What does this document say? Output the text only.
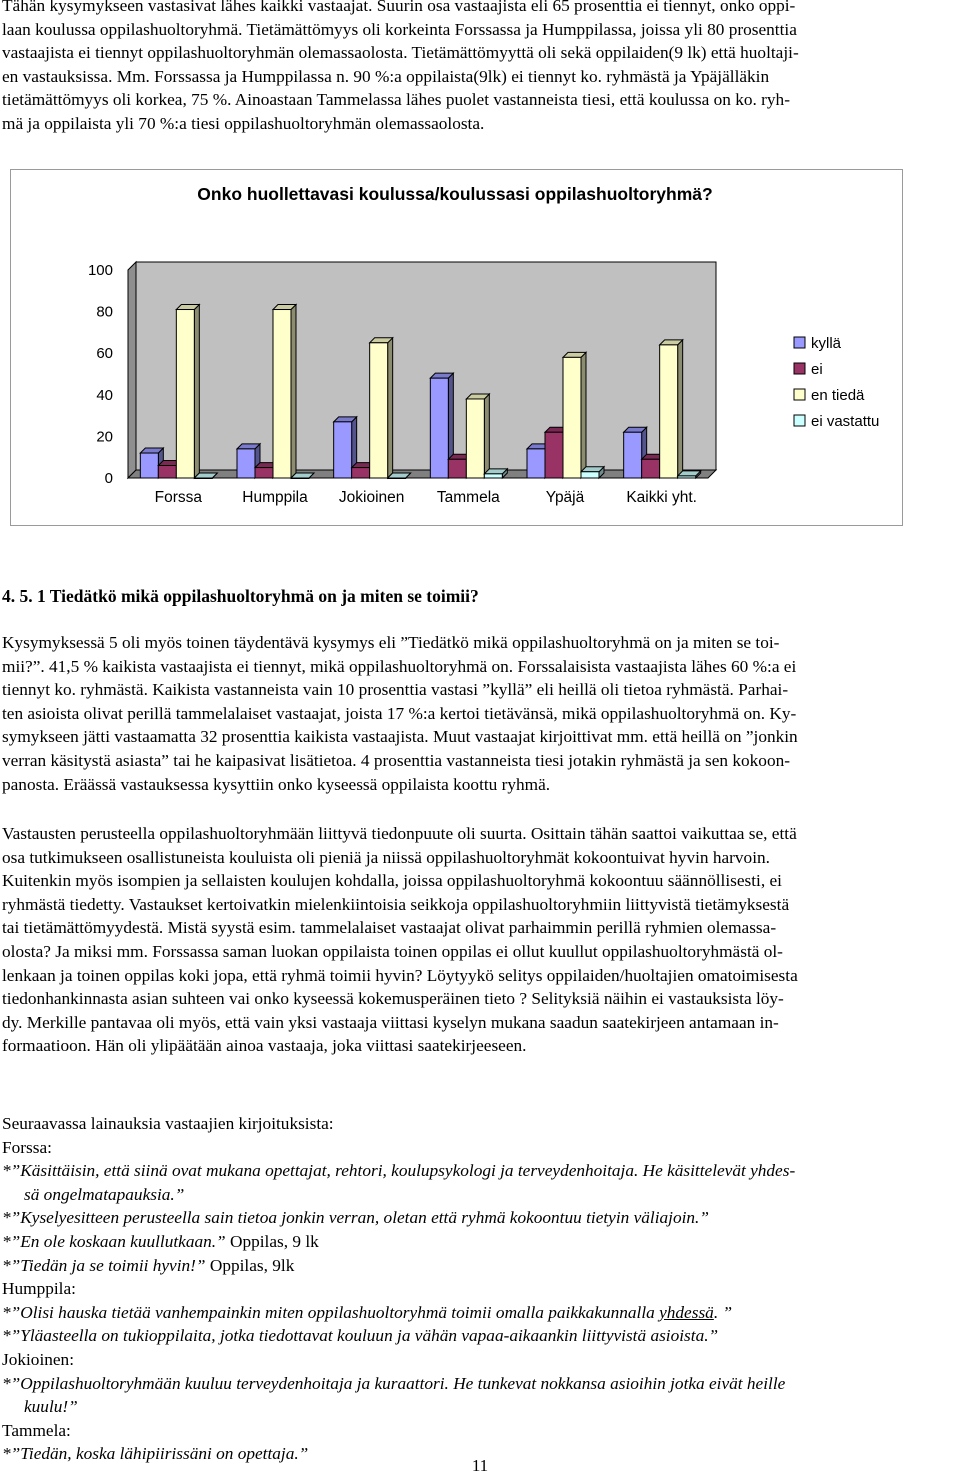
Tähän kysymykseen vastasivat lähes kaikki vastaajat. Suurin osa vastaajista eli 65 prosenttia ei tiennyt, onko oppi-
laan koulussa oppilashuoltoryhmä. Tietämättömyys oli korkeinta Forssassa ja Humppilassa, joissa yli 80 prosenttia
vastaajista ei tiennyt oppilashuoltoryhmän olemassaolosta. Tietämättömyyttä oli sekä oppilaiden(9 lk) että huoltaji-
en vastauksissa. Mm. Forssassa ja Humppilassa n. 90 %:a oppilaista(9lk) ei tiennyt ko. ryhmästä ja Ypäjälläkin
tietämättömyys oli korkea, 75 %. Ainoastaan Tammelassa lähes puolet vastanneista tiesi, että koulussa on ko. ryh-
mä ja oppilaista yli 70 %:a tiesi oppilashuoltoryhmän olemassaolosta.
Onko huollettavasi koulussa/koulussasi oppilashuoltoryhmä?
0
20
40
60
80
100
Forssa	Humppila Jokioinen Tammela	Ypäjä	Kaikki yht.
kyllä
ei
en tiedä
ei vastattu
4. 5. 1 Tiedätkö mikä oppilashuoltoryhmä on ja miten se toimii?
Kysymyksessä 5 oli myös toinen täydentävä kysymys eli ”Tiedätkö mikä oppilashuoltoryhmä on ja miten se toi-
mii?”. 41,5 % kaikista vastaajista ei tiennyt, mikä oppilashuoltoryhmä on. Forssalaisista vastaajista lähes 60 %:a ei
tiennyt ko. ryhmästä. Kaikista vastanneista vain 10 prosenttia vastasi ”kyllä” eli heillä oli tietoa ryhmästä. Parhai-
ten asioista olivat perillä tammelalaiset vastaajat, joista 17 %:a kertoi tietävänsä, mikä oppilashuoltoryhmä on. Ky-
symykseen jätti vastaamatta 32 prosenttia kaikista vastaajista. Muut vastaajat kirjoittivat mm. että heillä on ”jonkin
verran käsitystä asiasta” tai he kaipasivat lisätietoa. 4 prosenttia vastanneista tiesi jotakin ryhmästä ja sen kokoon-
panosta. Eräässä vastauksessa kysyttiin onko kyseessä oppilaista koottu ryhmä.
Vastausten perusteella oppilashuoltoryhmään liittyvä tiedonpuute oli suurta. Osittain tähän saattoi vaikuttaa se, että
osa tutkimukseen osallistuneista kouluista oli pieniä ja niissä oppilashuoltoryhmät kokoontuivat hyvin harvoin.
Kuitenkin myös isompien ja sellaisten koulujen kohdalla, joissa oppilashuoltoryhmä kokoontuu säännöllisesti, ei
ryhmästä tiedetty. Vastaukset kertoivatkin mielenkiintoisia seikkoja oppilashuoltoryhmiin liittyvistä tietämyksestä
tai tietämättömyydestä. Mistä syystä esim. tammelalaiset vastaajat olivat parhaimmin perillä ryhmien olemassa-
olosta? Ja miksi mm. Forssassa saman luokan oppilaista toinen oppilas ei ollut kuullut oppilashuoltoryhmästä ol-
lenkaan ja toinen oppilas koki jopa, että ryhmä toimii hyvin? Löytyykö selitys oppilaiden/huoltajien omatoimisesta
tiedonhankinnasta asian suhteen vai onko kyseessä kokemusperäinen tieto ? Selityksiä näihin ei vastauksista löy-
dy. Merkille pantavaa oli myös, että vain yksi vastaaja viittasi kyselyn mukana saadun saatekirjeen antamaan in-
formaatioon. Hän oli ylipäätään ainoa vastaaja, joka viittasi saatekirjeeseen.
Seuraavassa lainauksia vastaajien kirjoituksista:
Forssa:
*”Käsittäisin, että siinä ovat mukana opettajat, rehtori, koulupsykologi ja terveydenhoitaja. He käsittelevät yhdes-
sä ongelmatapauksia.”
*”Kyselyesitteen perusteella sain tietoa jonkin verran, oletan että ryhmä kokoontuu tietyin väliajoin.”
*”En ole koskaan kuullutkaan.” Oppilas, 9 lk
*”Tiedän ja se toimii hyvin!” Oppilas, 9lk
Humppila:
*”Olisi hauska tietää vanhempainkin miten oppilashuoltoryhmä toimii omalla paikkakunnalla yhdessä. ”
*”Yläasteella on tukioppilaita, jotka tiedottavat kouluun ja vähän vapaa-aikaankin liittyvistä asioista.”
Jokioinen:
*”Oppilashuoltoryhmään kuuluu terveydenhoitaja ja kuraattori. He tunkevat nokkansa asioihin jotka eivät heille
kuulu!”
Tammela:
*”Tiedän, koska lähipiirissäni on opettaja.”
11
